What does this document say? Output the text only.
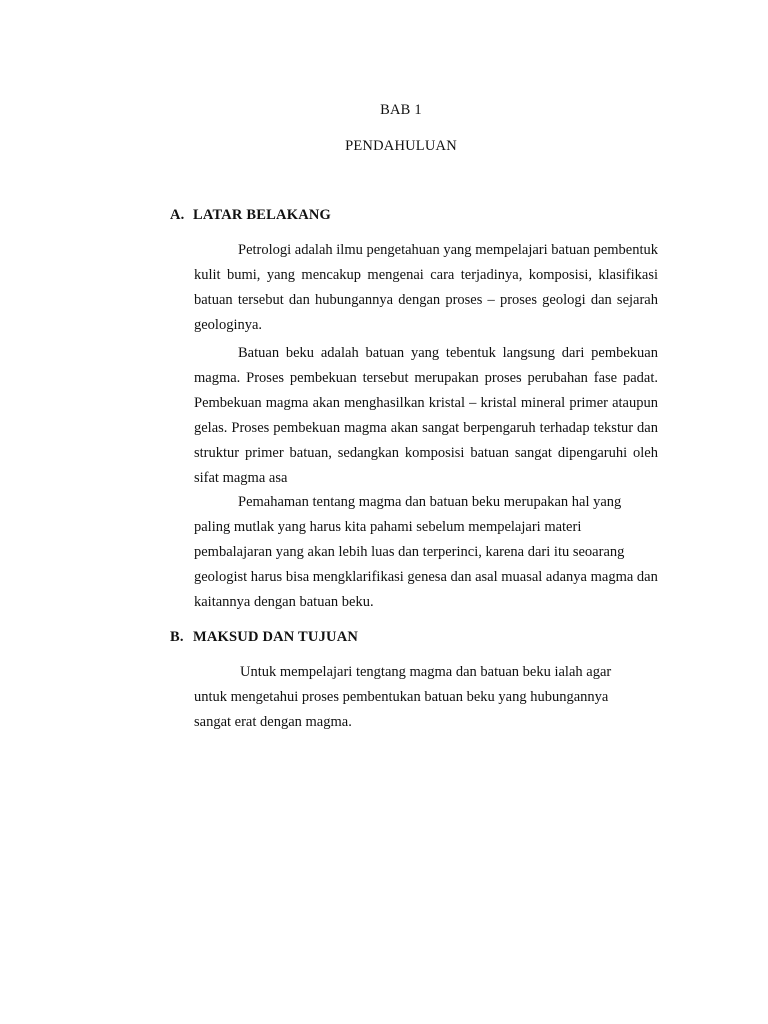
BAB 1
PENDAHULUAN
A. LATAR BELAKANG

Petrologi adalah ilmu pengetahuan yang mempelajari batuan pembentuk kulit bumi, yang mencakup mengenai cara terjadinya, komposisi, klasifikasi batuan tersebut dan hubungannya dengan proses – proses geologi dan sejarah geologinya.

Batuan beku adalah batuan yang tebentuk langsung dari pembekuan magma. Proses pembekuan tersebut merupakan proses perubahan fase padat. Pembekuan magma akan menghasilkan kristal – kristal mineral primer ataupun gelas. Proses pembekuan magma akan sangat berpengaruh terhadap tekstur dan struktur primer batuan, sedangkan komposisi batuan sangat dipengaruhi oleh sifat magma asa

Pemahaman tentang magma dan batuan beku merupakan hal yang paling mutlak yang harus kita pahami sebelum mempelajari materi pembalajaran yang akan lebih luas dan terperinci, karena dari itu seoarang geologist harus bisa mengklarifikasi genesa dan asal muasal adanya magma dan kaitannya dengan batuan beku.

B. MAKSUD DAN TUJUAN

Untuk mempelajari tengtang magma dan batuan beku ialah agar untuk mengetahui proses pembentukan batuan beku yang hubungannya sangat erat dengan magma.
